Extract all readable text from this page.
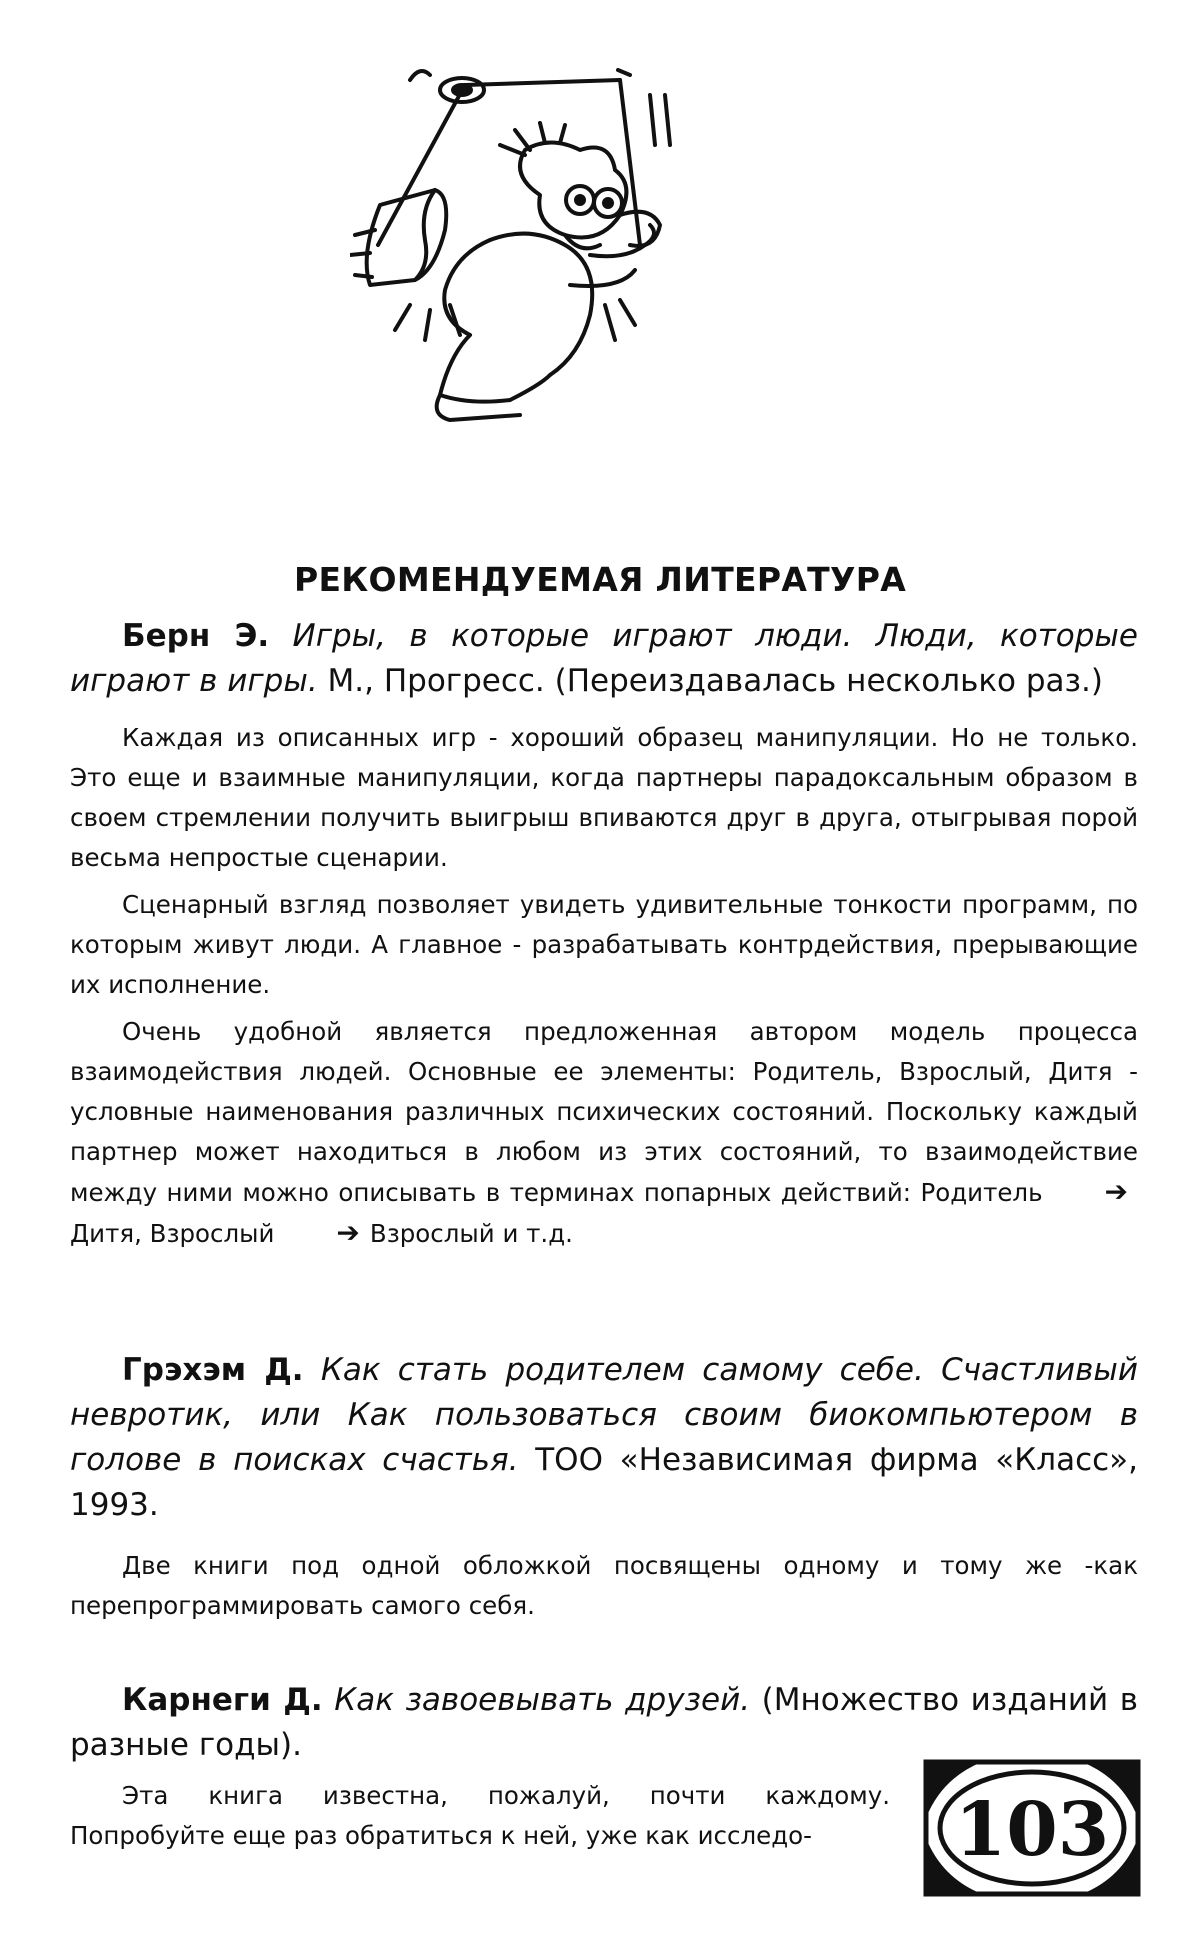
РЕКОМЕНДУЕМАЯ ЛИТЕРАТУРА

Берн Э. Игры, в которые играют люди. Люди, которые играют в игры. М., Прогресс. (Переиздавалась несколько раз.)

Каждая из описанных игр - хороший образец манипуляции. Но не только. Это еще и взаимные манипуляции, когда партнеры парадоксальным образом в своем стремлении получить выигрыш впиваются друг в друга, отыгрывая порой весьма непростые сценарии.

Сценарный взгляд позволяет увидеть удивительные тонкости программ, по которым живут люди. А главное - разрабатывать контрдействия, прерывающие их исполнение.

Очень удобной является предложенная автором модель процесса взаимодействия людей. Основные ее элементы: Родитель, Взрослый, Дитя - условные наименования различных психических состояний. Поскольку каждый партнер может находиться в любом из этих состояний, то взаимодействие между ними можно описывать в терминах попарных действий: Родитель ➔Дитя, Взрослый ➔ Взрослый и т.д.

Грэхэм Д. Как стать родителем самому себе. Счастливый невротик, или Как пользоваться своим биокомпьютером в голове в поисках счастья. ТОО «Независимая фирма «Класс», 1993.

Две книги под одной обложкой посвящены одному и тому же -как перепрограммировать самого себя.

Карнеги Д. Как завоевывать друзей. (Множество изданий в разные годы).

Эта книга известна, пожалуй, почти каждому. Попробуйте еще раз обратиться к ней, уже как исследо-	103
